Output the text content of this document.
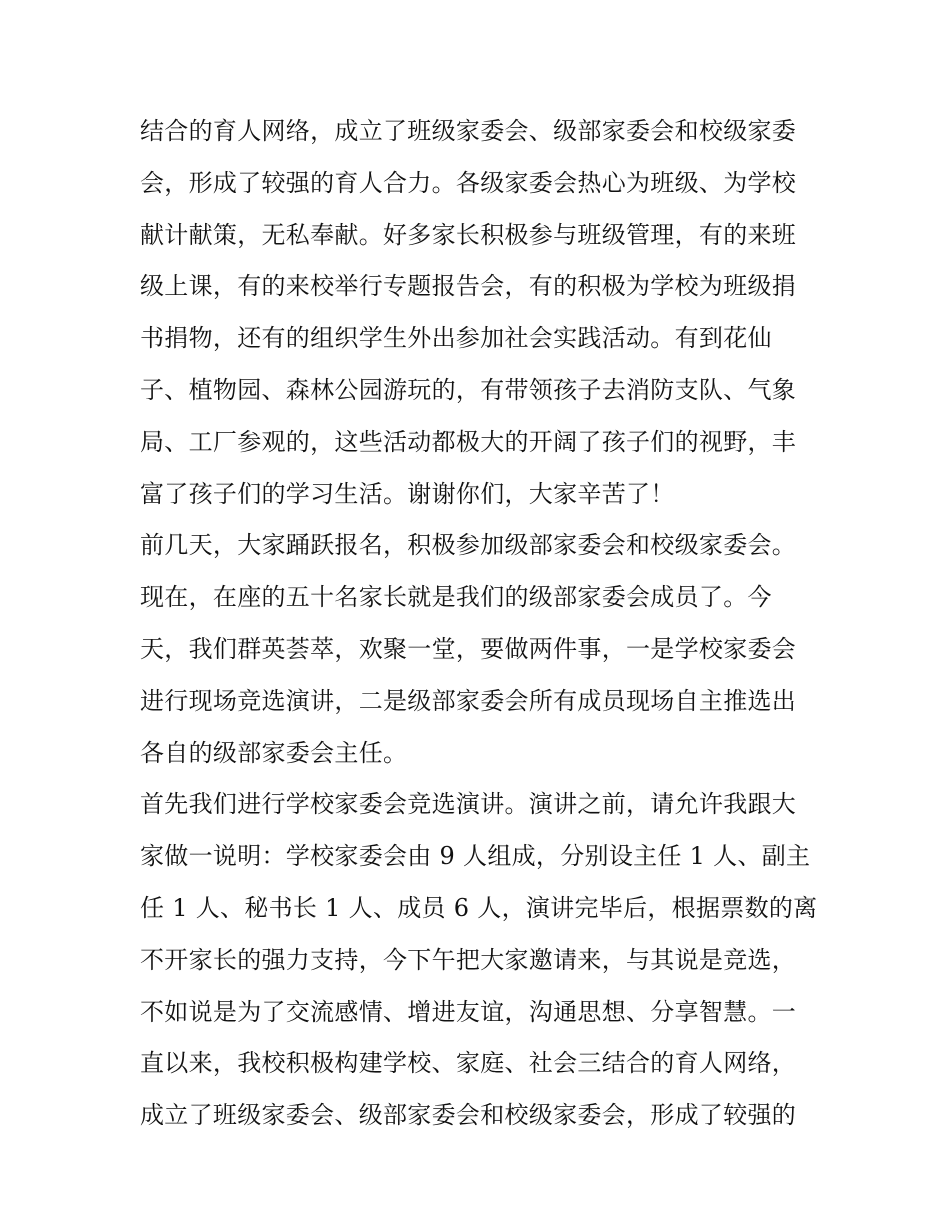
结合的育人网络，成立了班级家委会、级部家委会和校级家委
会，形成了较强的育人合力。各级家委会热心为班级、为学校
献计献策，无私奉献。好多家长积极参与班级管理，有的来班
级上课，有的来校举行专题报告会，有的积极为学校为班级捐
书捐物，还有的组织学生外出参加社会实践活动。有到花仙
子、植物园、森林公园游玩的，有带领孩子去消防支队、气象
局、工厂参观的，这些活动都极大的开阔了孩子们的视野，丰
富了孩子们的学习生活。谢谢你们，大家辛苦了！
前几天，大家踊跃报名，积极参加级部家委会和校级家委会。
现在，在座的五十名家长就是我们的级部家委会成员了。今
天，我们群英荟萃，欢聚一堂，要做两件事，一是学校家委会
进行现场竞选演讲，二是级部家委会所有成员现场自主推选出
各自的级部家委会主任。
首先我们进行学校家委会竞选演讲。演讲之前，请允许我跟大
家做一说明：学校家委会由 9 人组成，分别设主任 1 人、副主
任 1 人、秘书长 1 人、成员 6 人，演讲完毕后，根据票数的离
不开家长的强力支持，今下午把大家邀请来，与其说是竞选，
不如说是为了交流感情、增进友谊，沟通思想、分享智慧。一
直以来，我校积极构建学校、家庭、社会三结合的育人网络，
成立了班级家委会、级部家委会和校级家委会，形成了较强的
